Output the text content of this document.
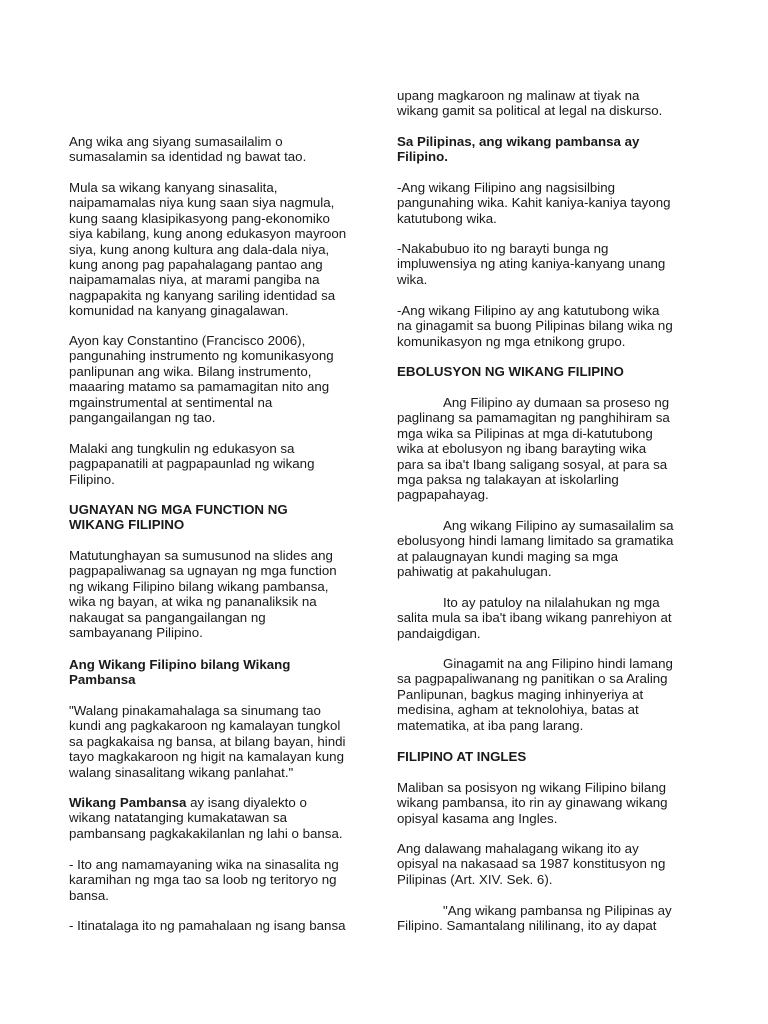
Ang wika ang siyang sumasailalim o
sumasalamin sa identidad ng bawat tao.

Mula sa wikang kanyang sinasalita,
naipamamalas niya kung saan siya nagmula,
kung saang klasipikasyong pang-ekonomiko
siya kabilang, kung anong edukasyon mayroon
siya, kung anong kultura ang dala-dala niya,
kung anong pag papahalagang pantao ang
naipamamalas niya, at marami pangiba na
nagpapakita ng kanyang sariling identidad sa
komunidad na kanyang ginagalawan.

Ayon kay Constantino (Francisco 2006),
pangunahing instrumento ng komunikasyong
panlipunan ang wika. Bilang instrumento,
maaaring matamo sa pamamagitan nito ang
mgainstrumental at sentimental na
pangangailangan ng tao.

Malaki ang tungkulin ng edukasyon sa
pagpapanatili at pagpapaunlad ng wikang
Filipino.

UGNAYAN NG MGA FUNCTION NG
WIKANG FILIPINO

Matutunghayan sa sumusunod na slides ang
pagpapaliwanag sa ugnayan ng mga function
ng wikang Filipino bilang wikang pambansa,
wika ng bayan, at wika ng pananaliksik na
nakaugat sa pangangailangan ng
sambayanang Pilipino.

Ang Wikang Filipino bilang Wikang
Pambansa

"Walang pinakamahalaga sa sinumang tao
kundi ang pagkakaroon ng kamalayan tungkol
sa pagkakaisa ng bansa, at bilang bayan, hindi
tayo magkakaroon ng higit na kamalayan kung
walang sinasalitang wikang panlahat."

Wikang Pambansa ay isang diyalekto o
wikang natatanging kumakatawan sa
pambansang pagkakakilanlan ng lahi o bansa.

- Ito ang namamayaning wika na sinasalita ng
karamihan ng mga tao sa loob ng teritoryo ng
bansa.

- Itinatalaga ito ng pamahalaan ng isang bansa

upang magkaroon ng malinaw at tiyak na
wikang gamit sa political at legal na diskurso.

Sa Pilipinas, ang wikang pambansa ay
Filipino.

-Ang wikang Filipino ang nagsisilbing
pangunahing wika. Kahit kaniya-kaniya tayong
katutubong wika.

-Nakabubuo ito ng barayti bunga ng
impluwensiya ng ating kaniya-kanyang unang
wika.

-Ang wikang Filipino ay ang katutubong wika
na ginagamit sa buong Pilipinas bilang wika ng
komunikasyon ng mga etnikong grupo.

EBOLUSYON NG WIKANG FILIPINO

Ang Filipino ay dumaan sa proseso ng
paglinang sa pamamagitan ng panghihiram sa
mga wika sa Pilipinas at mga di-katutubong
wika at ebolusyon ng ibang barayting wika
para sa iba't Ibang saligang sosyal, at para sa
mga paksa ng talakayan at iskolarling
pagpapahayag.

Ang wikang Filipino ay sumasailalim sa
ebolusyong hindi lamang limitado sa gramatika
at palaugnayan kundi maging sa mga
pahiwatig at pakahulugan.

Ito ay patuloy na nilalahukan ng mga
salita mula sa iba't ibang wikang panrehiyon at
pandaigdigan.

Ginagamit na ang Filipino hindi lamang
sa pagpapaliwanang ng panitikan o sa Araling
Panlipunan, bagkus maging inhinyeriya at
medisina, agham at teknolohiya, batas at
matematika, at iba pang larang.

FILIPINO AT INGLES

Maliban sa posisyon ng wikang Filipino bilang
wikang pambansa, ito rin ay ginawang wikang
opisyal kasama ang Ingles.

Ang dalawang mahalagang wikang ito ay
opisyal na nakasaad sa 1987 konstitusyon ng
Pilipinas (Art. XIV. Sek. 6).

"Ang wikang pambansa ng Pilipinas ay
Filipino. Samantalang nililinang, ito ay dapat
